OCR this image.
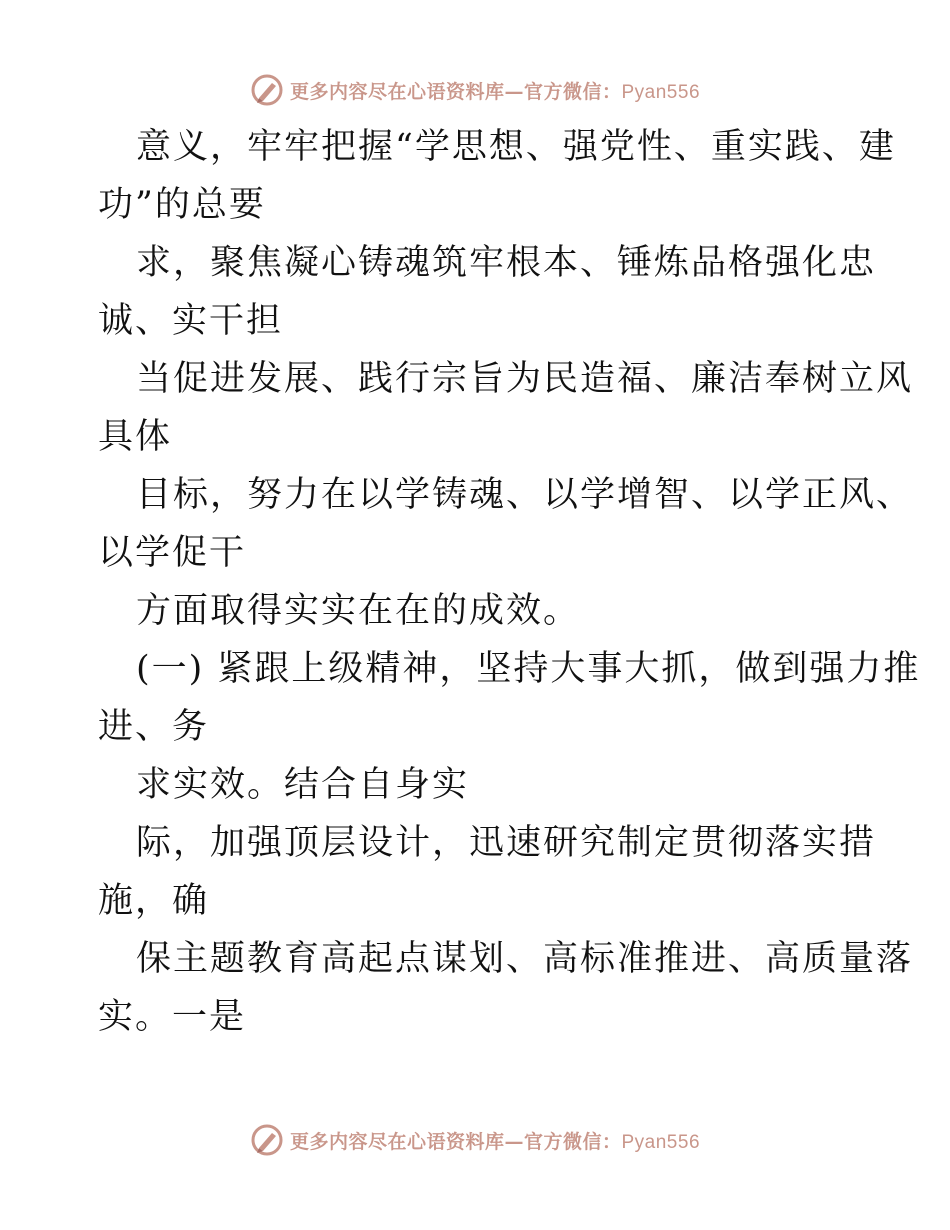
更多内容尽在心语资料库—官方微信：Pyan556
意义，牢牢把握“学思想、强党性、重实践、建
功”的总要
求，聚焦凝心铸魂筑牢根本、锤炼品格强化忠
诚、实干担
当促进发展、践行宗旨为民造福、廉洁奉树立风
具体
目标，努力在以学铸魂、以学增智、以学正风、
以学促干
方面取得实实在在的成效。
(一) 紧跟上级精神，坚持大事大抓，做到强力推
进、务
求实效。结合自身实
际，加强顶层设计，迅速研究制定贯彻落实措
施，确
保主题教育高起点谋划、高标准推进、高质量落
实。一是
更多内容尽在心语资料库—官方微信：Pyan556
